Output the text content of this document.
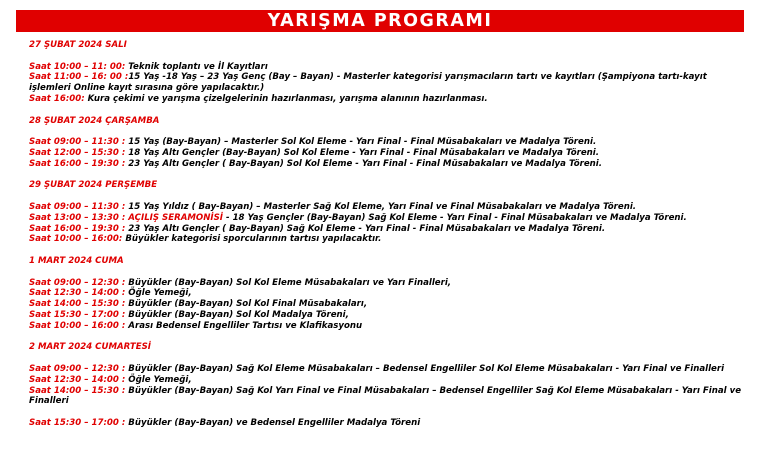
YARIŞMA PROGRAMI
27 ŞUBAT 2024 SALI
Saat 10:00 – 11: 00: Teknik toplantı ve İl Kayıtları
Saat 11:00 – 16: 00 :15 Yaş -18 Yaş – 23 Yaş Genç (Bay – Bayan) - Masterler kategorisi yarışmacıların tartı ve kayıtları (Şampiyona tartı-kayıt işlemleri Online kayıt sırasına göre yapılacaktır.)
Saat 16:00: Kura çekimi ve yarışma çizelgelerinin hazırlanması, yarışma alanının hazırlanması.
28 ŞUBAT 2024 ÇARŞAMBA
Saat 09:00 – 11:30 : 15 Yaş (Bay-Bayan) – Masterler Sol Kol Eleme - Yarı Final - Final Müsabakaları ve Madalya Töreni.
Saat 12:00 – 15:30 : 18 Yaş Altı Gençler (Bay-Bayan) Sol Kol Eleme - Yarı Final - Final Müsabakaları ve Madalya Töreni.
Saat 16:00 – 19:30 : 23 Yaş Altı Gençler ( Bay-Bayan) Sol Kol Eleme - Yarı Final - Final Müsabakaları ve Madalya Töreni.
29 ŞUBAT 2024 PERŞEMBE
Saat 09:00 – 11:30 : 15 Yaş Yıldız ( Bay-Bayan) – Masterler Sağ Kol Eleme, Yarı Final ve Final Müsabakaları ve Madalya Töreni.
Saat 13:00 – 13:30 : AÇILIŞ SERAMONİSİ - 18 Yaş Gençler (Bay-Bayan) Sağ Kol Eleme - Yarı Final - Final Müsabakaları ve Madalya Töreni.
Saat 16:00 – 19:30 : 23 Yaş Altı Gençler ( Bay-Bayan) Sağ Kol Eleme - Yarı Final - Final Müsabakaları ve Madalya Töreni.
Saat 10:00 – 16:00: Büyükler kategorisi sporcularının tartısı yapılacaktır.
1 MART 2024 CUMA
Saat 09:00 – 12:30 : Büyükler (Bay-Bayan) Sol Kol Eleme Müsabakaları ve Yarı Finalleri,
Saat 12:30 – 14:00 : Öğle Yemeği,
Saat 14:00 – 15:30 : Büyükler (Bay-Bayan) Sol Kol Final Müsabakaları,
Saat 15:30 – 17:00 : Büyükler (Bay-Bayan) Sol Kol Madalya Töreni,
Saat 10:00 – 16:00 : Arası Bedensel Engelliler Tartısı ve Klafikasyonu
2 MART 2024 CUMARTESİ
Saat 09:00 – 12:30 : Büyükler (Bay-Bayan) Sağ Kol Eleme Müsabakaları – Bedensel Engelliler Sol Kol Eleme Müsabakaları - Yarı Final ve Finalleri
Saat 12:30 – 14:00 : Öğle Yemeği,
Saat 14:00 – 15:30 : Büyükler (Bay-Bayan) Sağ Kol Yarı Final ve Final Müsabakaları – Bedensel Engelliler Sağ Kol Eleme Müsabakaları - Yarı Final ve Finalleri
Saat 15:30 – 17:00 : Büyükler (Bay-Bayan) ve Bedensel Engelliler Madalya Töreni
